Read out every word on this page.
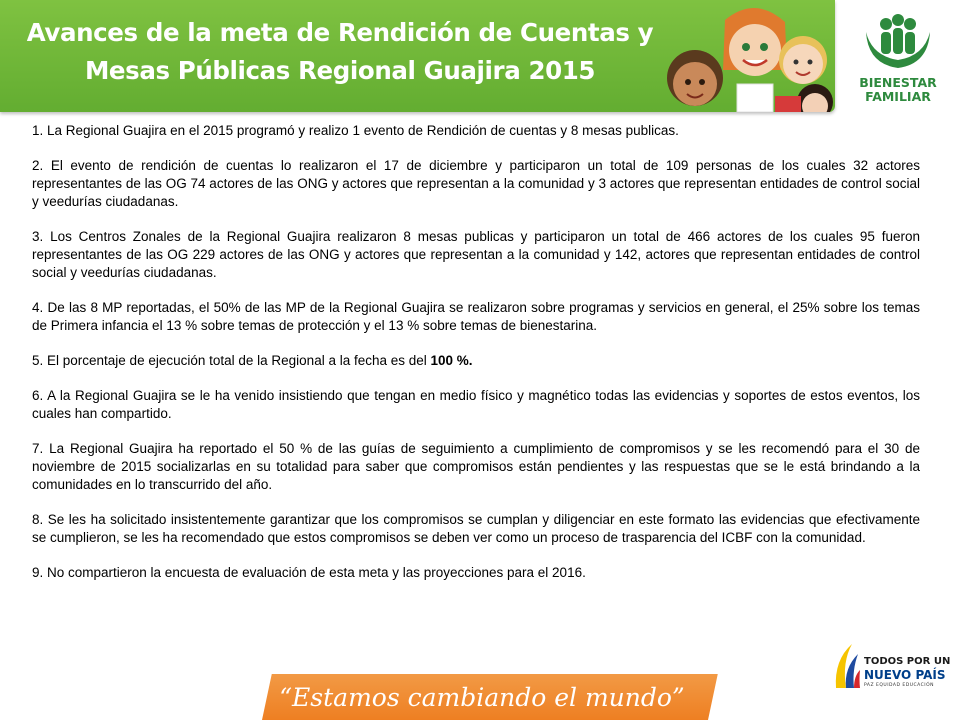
Avances de la meta de Rendición de Cuentas y
Mesas Públicas Regional Guajira 2015	BIENESTAR
FAMILIAR

1. La Regional Guajira en el 2015 programó y realizo 1 evento de Rendición de cuentas y 8 mesas publicas.

2. El evento de rendición de cuentas lo realizaron el 17 de diciembre y participaron un total de 109 personas de los cuales 32 actores representantes de las OG 74 actores de las ONG y actores que representan a la comunidad y 3 actores que representan entidades de control social y veedurías ciudadanas.

3. Los Centros Zonales de la Regional Guajira realizaron 8 mesas publicas y participaron un total de 466 actores de los cuales 95 fueron representantes de las OG 229 actores de las ONG y actores que representan a la comunidad y 142, actores que representan entidades de control social y veedurías ciudadanas.

4. De las 8 MP reportadas, el 50% de las MP de la Regional Guajira se realizaron sobre programas y servicios en general, el 25% sobre los temas de Primera infancia el 13 % sobre temas de protección y el 13 % sobre temas de bienestarina.

5. El porcentaje de ejecución total de la Regional a la fecha es del 100 %.

6. A la Regional Guajira se le ha venido insistiendo que tengan en medio físico y magnético todas las evidencias y soportes de estos eventos, los cuales han compartido.

7. La Regional Guajira ha reportado el 50 % de las guías de seguimiento a cumplimiento de compromisos y se les recomendó para el 30 de noviembre de 2015 socializarlas en su totalidad para saber que compromisos están pendientes y las respuestas que se le está brindando a la comunidades en lo transcurrido del año.

8. Se les ha solicitado insistentemente garantizar que los compromisos se cumplan y diligenciar en este formato las evidencias que efectivamente se cumplieron, se les ha recomendado que estos compromisos se deben ver como un proceso de trasparencia del ICBF con la comunidad.

9. No compartieron la encuesta de evaluación de esta meta y las proyecciones para el 2016.

“Estamos cambiando el mundo”
TODOS POR UN
NUEVO PAÍS
PAZ EQUIDAD EDUCACIÓN
